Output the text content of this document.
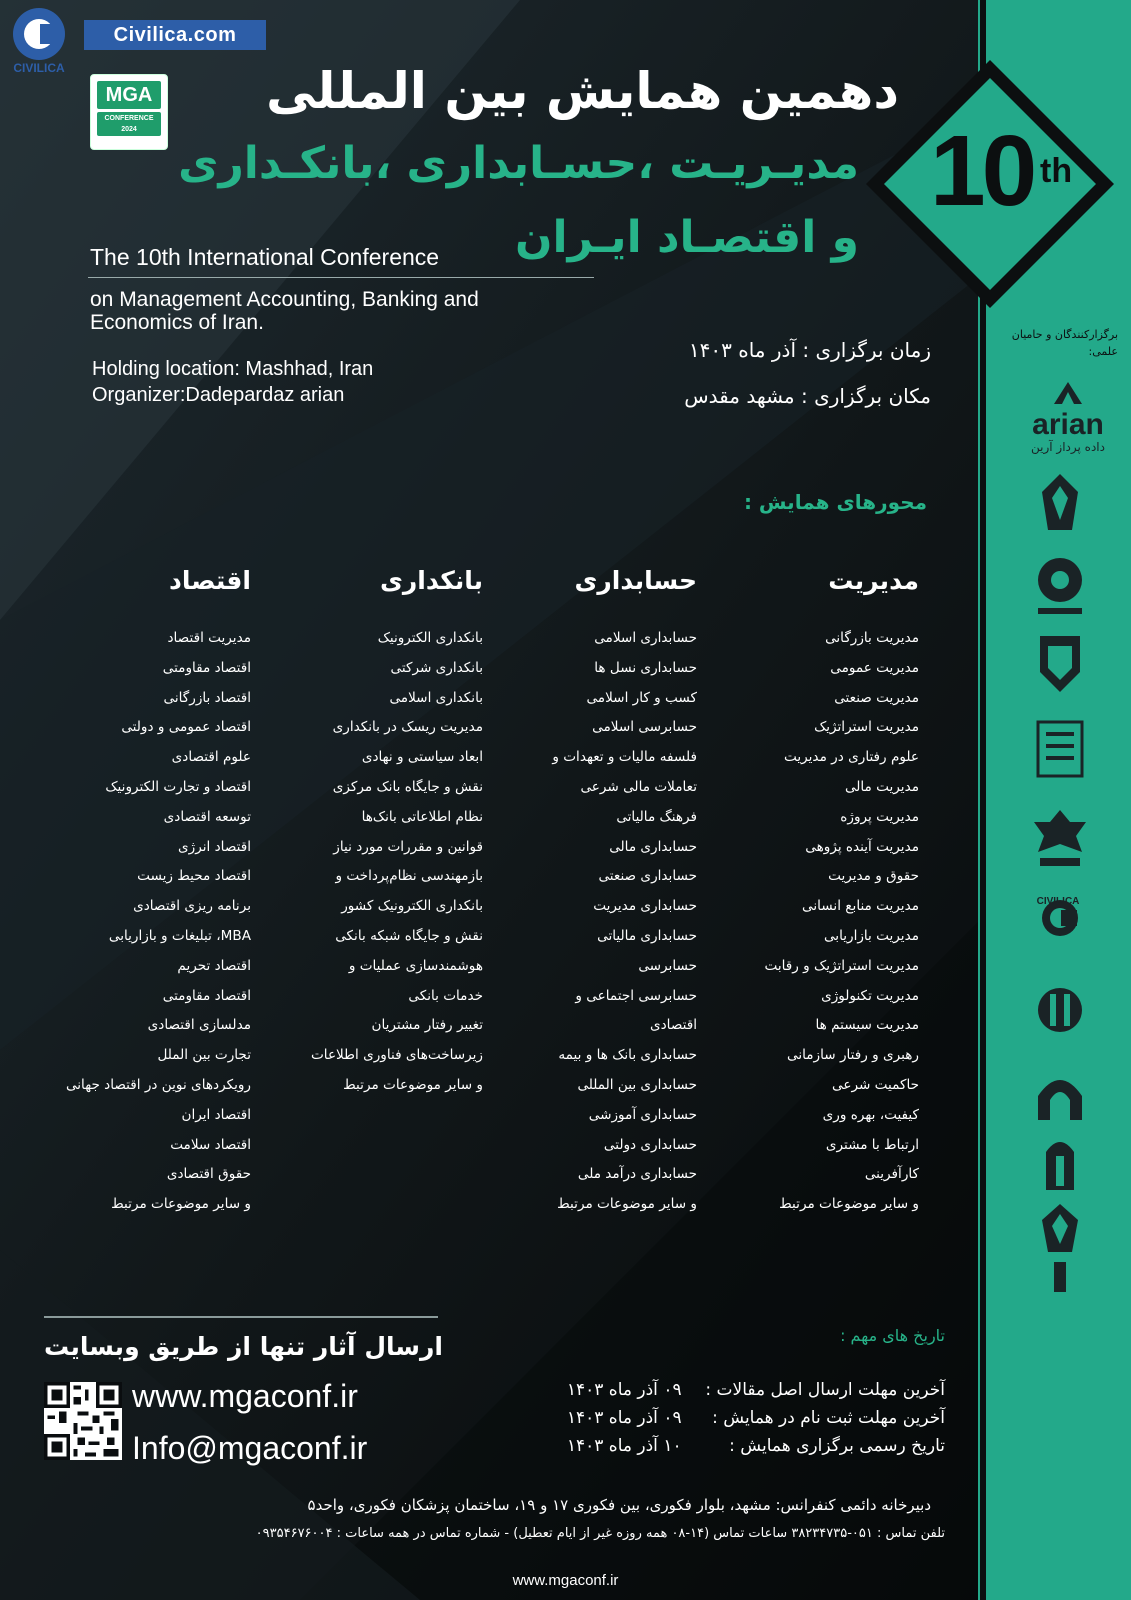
10 th
CIVILICA
Civilica.com
MGA
CONFERENCE
2024
دهمین همایش بین المللی
مدیـریـت ،حسـابداری ،بانکـداری
و اقتصـاد ایـران
The 10th International Conference
on Management Accounting, Banking and Economics of Iran.
Holding location: Mashhad, Iran
Organizer:Dadepardaz arian
زمان برگزاری : آذر ماه ۱۴۰۳
مکان برگزاری : مشهد مقدس
برگزارکنندگان و حامیان علمی:
arian
داده پرداز آرین
CIVILICA
محورهای همایش :
مدیریت
مدیریت بازرگانی
مدیریت عمومی
مدیریت صنعتی
مدیریت استراتژیک
علوم رفتاری در مدیریت
مدیریت مالی
مدیریت پروژه
مدیریت آینده پژوهی
حقوق و مدیریت
مدیریت منابع انسانی
مدیریت بازاریابی
مدیریت استراتژیک و رقابت
مدیریت تکنولوژی
مدیریت سیستم ها
رهبری و رفتار سازمانی
حاکمیت شرعی
کیفیت، بهره وری
ارتباط با مشتری
کارآفرینی
و سایر موضوعات مرتبط
حسابداری
حسابداری اسلامی
حسابداری نسل ها
کسب و کار اسلامی
حسابرسی اسلامی
فلسفه مالیات و تعهدات و
تعاملات مالی شرعی
فرهنگ مالیاتی
حسابداری مالی
حسابداری صنعتی
حسابداری مدیریت
حسابداری مالیاتی
حسابرسی
حسابرسی اجتماعی و
اقتصادی
حسابداری بانک ها و بیمه
حسابداری بین المللی
حسابداری آموزشی
حسابداری دولتی
حسابداری درآمد ملی
و سایر موضوعات مرتبط
بانکداری
بانکداری الکترونیک
بانکداری شرکتی
بانکداری اسلامی
مدیریت ریسک در بانکداری
ابعاد سیاستی و نهادی
نقش و جایگاه بانک مرکزی
نظام اطلاعاتی بانک‌ها
قوانین و مقررات مورد نیاز
بازمهندسی نظام‌پرداخت و
بانکداری الکترونیک کشور
نقش و جایگاه شبکه بانکی
هوشمندسازی عملیات و
خدمات بانکی
تغییر رفتار مشتریان
زیرساخت‌های فناوری اطلاعات
و سایر موضوعات مرتبط
اقتصاد
مدیریت اقتصاد
اقتصاد مقاومتی
اقتصاد بازرگانی
اقتصاد عمومی و دولتی
علوم اقتصادی
اقتصاد و تجارت الکترونیک
توسعه اقتصادی
اقتصاد انرژی
اقتصاد محیط زیست
برنامه ریزی اقتصادی
MBA، تبلیغات و بازاریابی
اقتصاد تحریم
اقتصاد مقاومتی
مدلسازی اقتصادی
تجارت بین الملل
رویکردهای نوین در اقتصاد جهانی
اقتصاد ایران
اقتصاد سلامت
حقوق اقتصادی
و سایر موضوعات مرتبط
ارسال آثار تنها از طریق وبسایت
www.mgaconf.ir
Info@mgaconf.ir
تاریخ های مهم :
آخرین مهلت ارسال اصل مقالات : ۰۹ آذر ماه ۱۴۰۳
آخرین مهلت ثبت نام در همایش : ۰۹ آذر ماه ۱۴۰۳
تاریخ رسمی برگزاری همایش : ۱۰ آذر ماه ۱۴۰۳
دبیرخانه دائمی کنفرانس: مشهد، بلوار فکوری، بین فکوری ۱۷ و ۱۹، ساختمان پزشکان فکوری، واحد۵
تلفن تماس : ۰۵۱-۳۸۲۳۴۷۳۵ ساعات تماس (۱۴-۰۸ همه روزه غیر از ایام تعطیل) - شماره تماس در همه ساعات : ۰۹۳۵۴۶۷۶۰۰۴
www.mgaconf.ir
